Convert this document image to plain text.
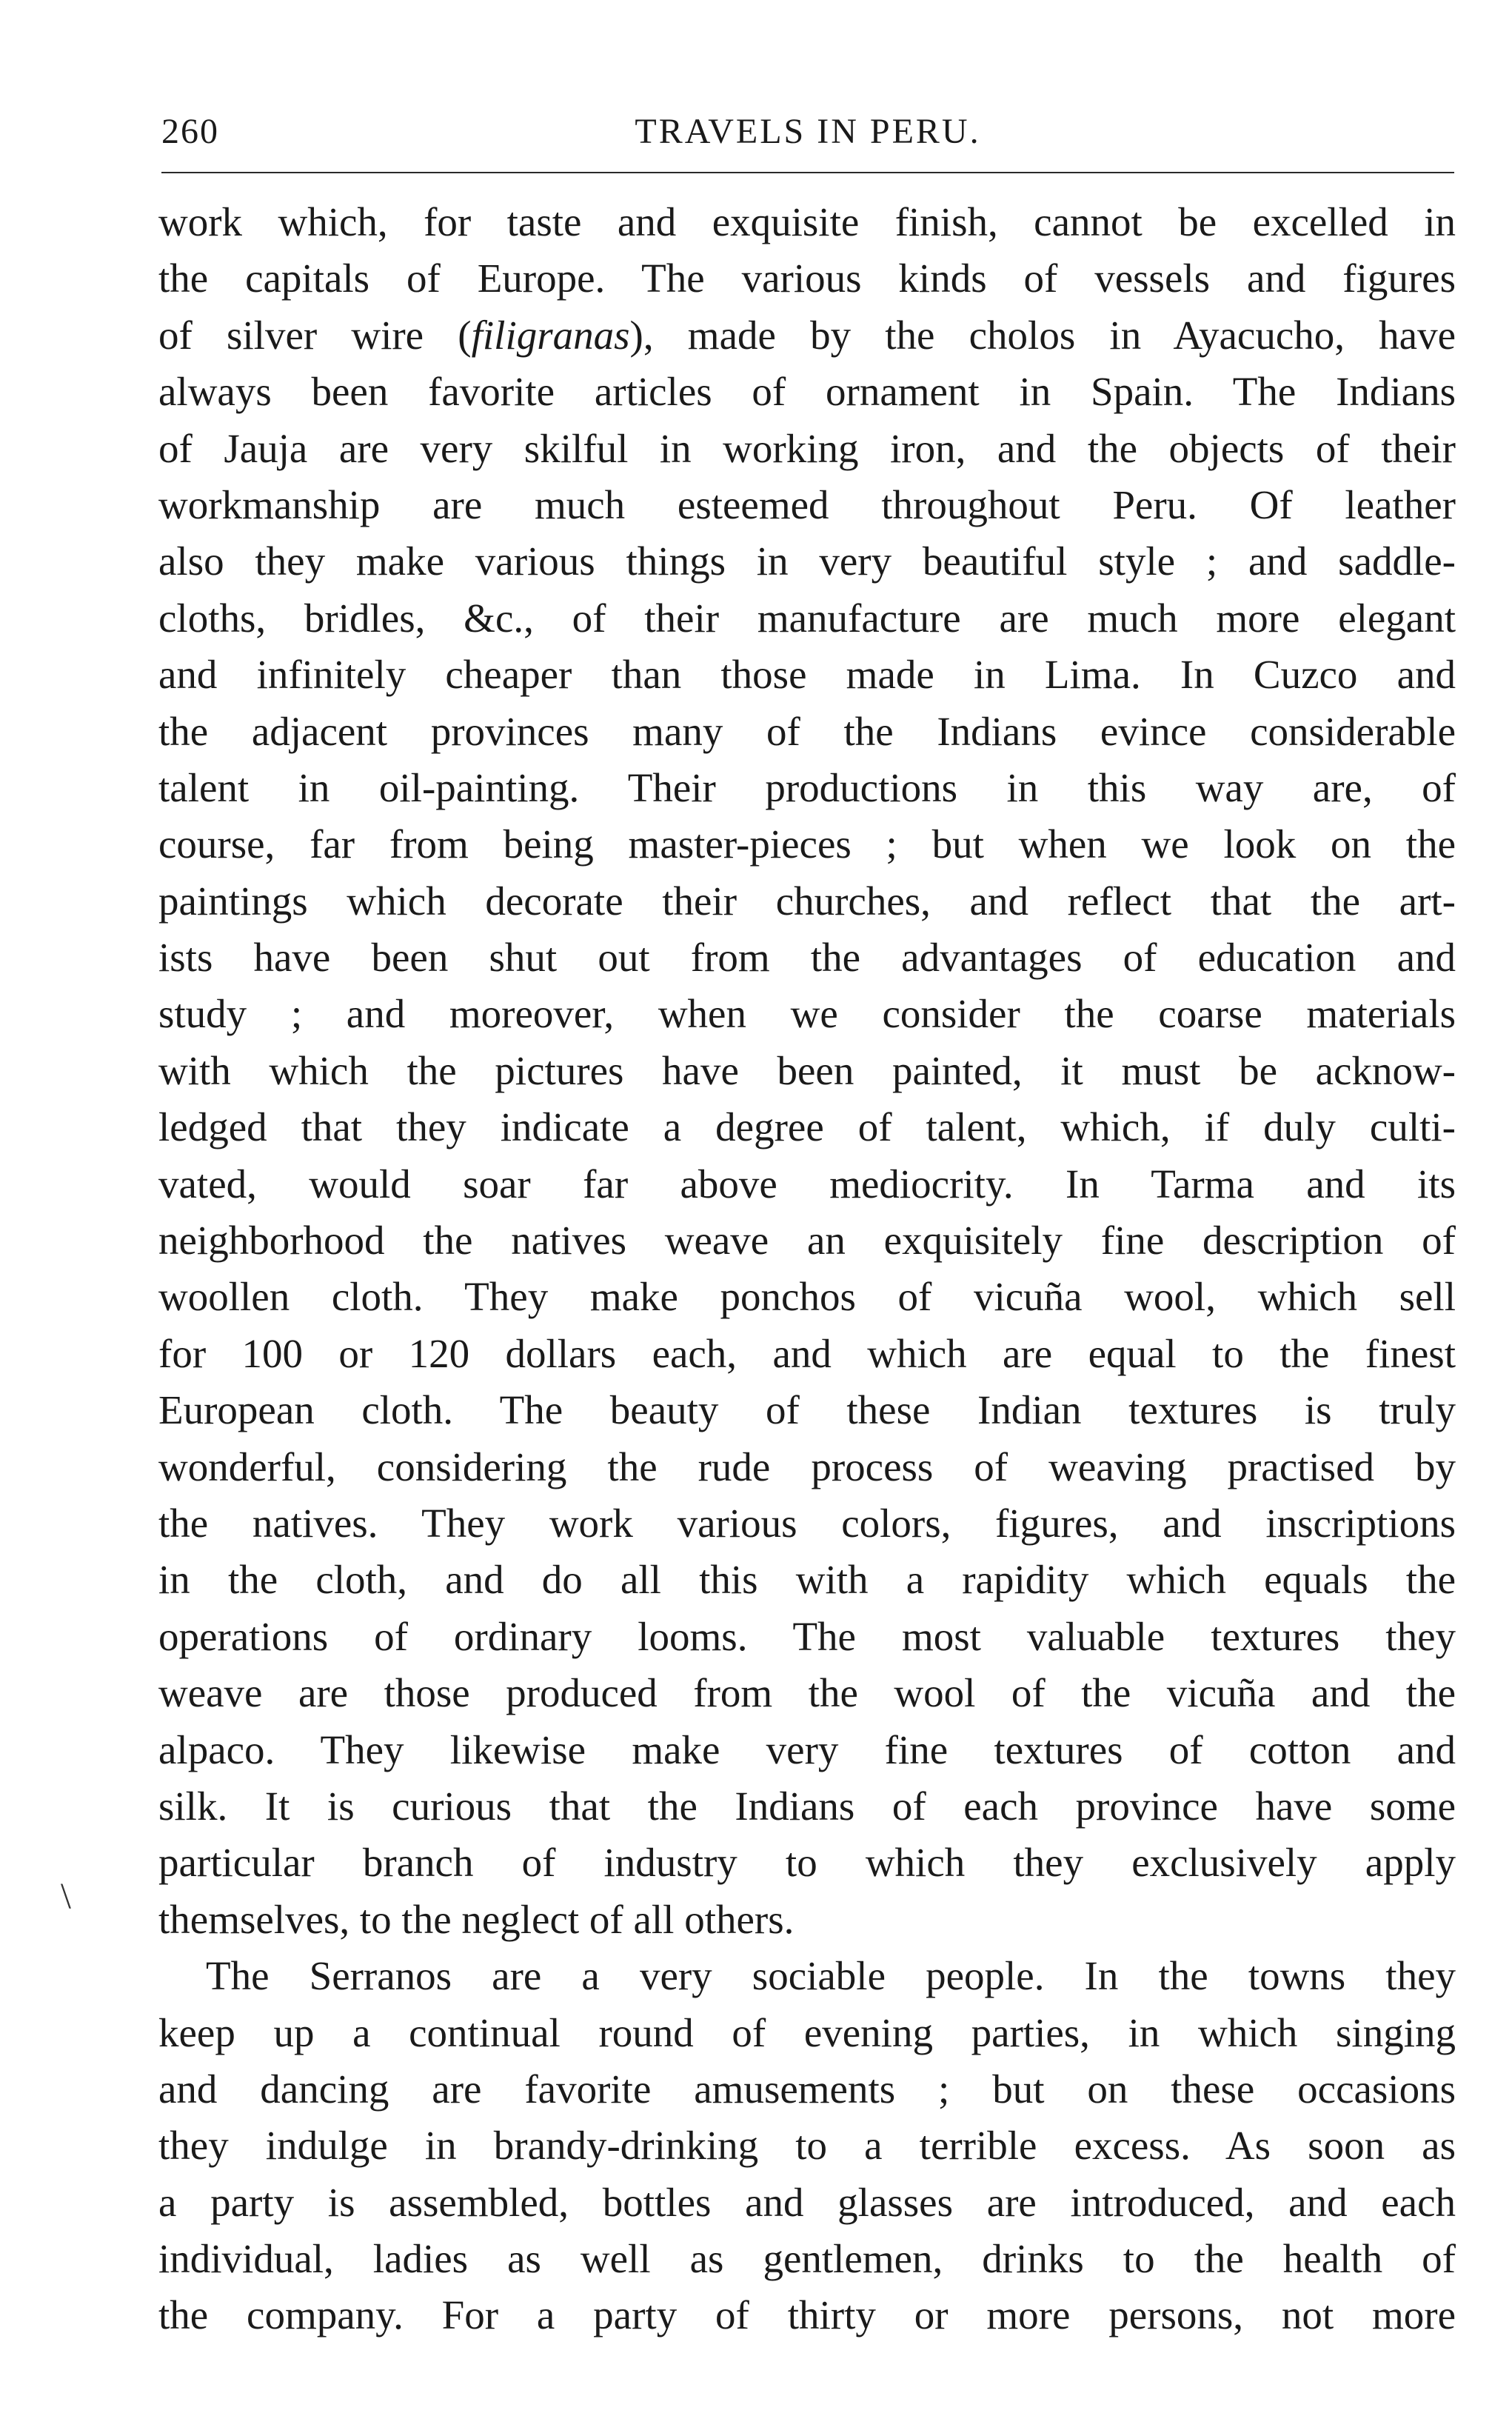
260	TRAVELS IN PERU.
work which, for taste and exquisite finish, cannot be excelled in
the capitals of Europe. The various kinds of vessels and figures
of silver wire (filigranas), made by the cholos in Ayacucho, have
always been favorite articles of ornament in Spain. The Indians
of Jauja are very skilful in working iron, and the objects of their
workmanship are much esteemed throughout Peru. Of leather
also they make various things in very beautiful style ; and saddle-
cloths, bridles, &c., of their manufacture are much more elegant
and infinitely cheaper than those made in Lima. In Cuzco and
the adjacent provinces many of the Indians evince considerable
talent in oil-painting. Their productions in this way are, of
course, far from being master-pieces ; but when we look on the
paintings which decorate their churches, and reflect that the art-
ists have been shut out from the advantages of education and
study ; and moreover, when we consider the coarse materials
with which the pictures have been painted, it must be acknow-
ledged that they indicate a degree of talent, which, if duly culti-
vated, would soar far above mediocrity. In Tarma and its
neighborhood the natives weave an exquisitely fine description of
woollen cloth. They make ponchos of vicuña wool, which sell
for 100 or 120 dollars each, and which are equal to the finest
European cloth. The beauty of these Indian textures is truly
wonderful, considering the rude process of weaving practised by
the natives. They work various colors, figures, and inscriptions
in the cloth, and do all this with a rapidity which equals the
operations of ordinary looms. The most valuable textures they
weave are those produced from the wool of the vicuña and the
alpaco. They likewise make very fine textures of cotton and
silk. It is curious that the Indians of each province have some
particular branch of industry to which they exclusively apply
themselves, to the neglect of all others.
The Serranos are a very sociable people. In the towns they
keep up a continual round of evening parties, in which singing
and dancing are favorite amusements ; but on these occasions
they indulge in brandy-drinking to a terrible excess. As soon as
a party is assembled, bottles and glasses are introduced, and each
individual, ladies as well as gentlemen, drinks to the health of
the company. For a party of thirty or more persons, not more
\
